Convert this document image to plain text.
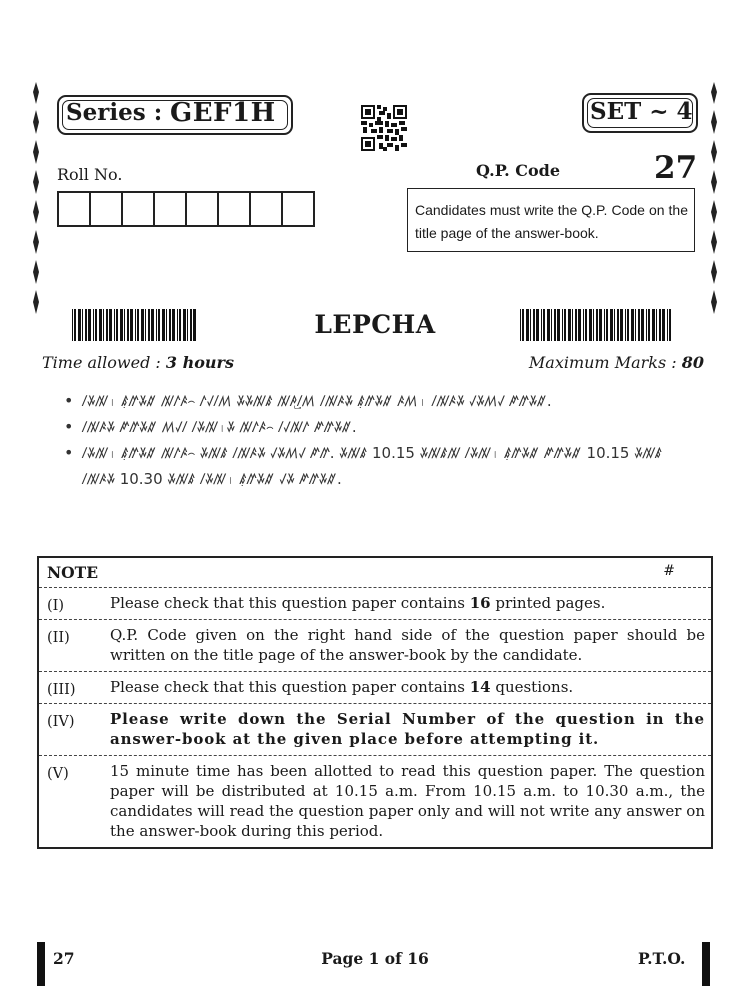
Series : GEF1H	SET ~ 4
Roll No.	Q.P. Code	27
Candidates must write the Q.P. Code on the title page of the answer-book.
LEPCHA
Time allowed : 3 hours	Maximum Marks : 80
• ꤷꤸꤲ꤯ ꤹ꤫ꤼꤸꤽ ꤲꤱꤴ꤮ ꤱꤶꤷꤵ ꤸꤸꤲꤹ ꤲꤳꤷ꤬ꤵ ꤷꤲꤴꤸ ꤹ꤫ꤼꤸꤽ ꤴꤵ꤯ ꤷꤲꤴꤸ ꤶꤸꤵꤶ ꤺꤼꤸꤽ.
• ꤷꤲꤴꤸ ꤺꤼꤸꤽ ꤵꤶꤷ ꤷꤸꤲ꤯ꤸ ꤲꤱꤴ꤮ ꤷꤶꤲꤱ ꤺꤼꤸꤽ.
• ꤷꤸꤲ꤯ ꤹ꤫ꤼꤸꤽ ꤲꤱꤴ꤮ ꤸꤲꤹ ꤷꤲꤴꤸ ꤶꤸꤵꤶ ꤺꤼ. ꤸꤲꤹ 10.15 ꤸꤲꤹꤲ ꤷꤸꤲ꤯ ꤹ꤫ꤼꤸꤽ ꤺꤼꤸꤽ 10.15 ꤸꤲꤹ ꤷꤲꤴꤸ 10.30 ꤸꤲꤹ ꤷꤸꤲ꤯ ꤹ꤫ꤼꤸꤽ ꤶꤸ ꤺꤼꤸꤽ.
NOTE	#
(I)	Please check that this question paper contains 16 printed pages.
(II)	Q.P. Code given on the right hand side of the question paper should be written on the title page of the answer-book by the candidate.
(III)	Please check that this question paper contains 14 questions.
(IV)	Please write down the Serial Number of the question in the answer-book at the given place before attempting it.
(V)	15 minute time has been allotted to read this question paper. The question paper will be distributed at 10.15 a.m. From 10.15 a.m. to 10.30 a.m., the candidates will read the question paper only and will not write any answer on the answer-book during this period.
27	Page 1 of 16	P.T.O.
